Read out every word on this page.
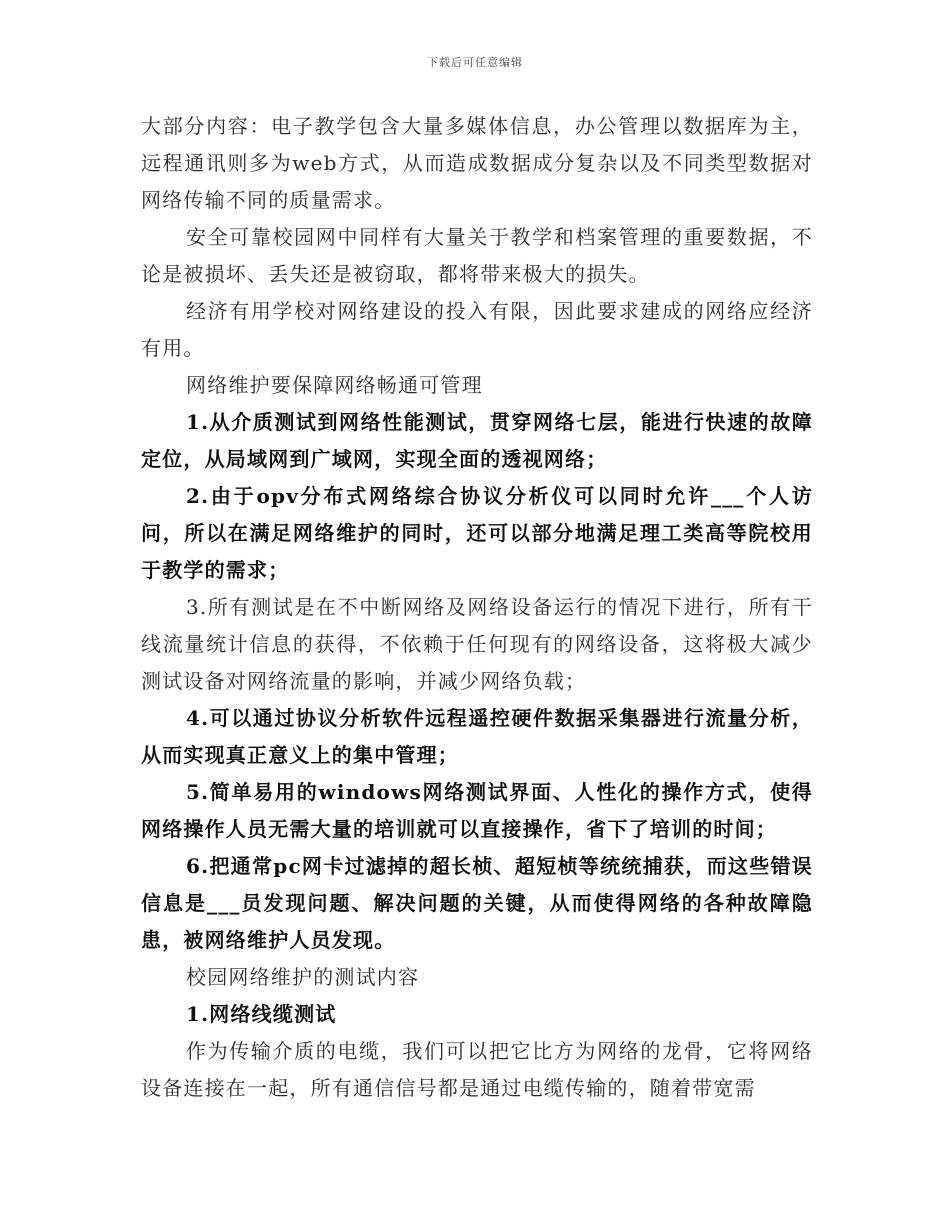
下载后可任意编辑

大部分内容：电子教学包含大量多媒体信息，办公管理以数据库为主，远程通讯则多为web方式，从而造成数据成分复杂以及不同类型数据对网络传输不同的质量需求。

安全可靠校园网中同样有大量关于教学和档案管理的重要数据，不论是被损坏、丢失还是被窃取，都将带来极大的损失。

经济有用学校对网络建设的投入有限，因此要求建成的网络应经济有用。

网络维护要保障网络畅通可管理

1.从介质测试到网络性能测试，贯穿网络七层，能进行快速的故障定位，从局域网到广域网，实现全面的透视网络；

2.由于opv分布式网络综合协议分析仪可以同时允许___个人访问，所以在满足网络维护的同时，还可以部分地满足理工类高等院校用于教学的需求；

3.所有测试是在不中断网络及网络设备运行的情况下进行，所有干线流量统计信息的获得，不依赖于任何现有的网络设备，这将极大减少测试设备对网络流量的影响，并减少网络负载；

4.可以通过协议分析软件远程遥控硬件数据采集器进行流量分析，从而实现真正意义上的集中管理；

5.简单易用的windows网络测试界面、人性化的操作方式，使得网络操作人员无需大量的培训就可以直接操作，省下了培训的时间；

6.把通常pc网卡过滤掉的超长桢、超短桢等统统捕获，而这些错误信息是___员发现问题、解决问题的关键，从而使得网络的各种故障隐患，被网络维护人员发现。

校园网络维护的测试内容

1.网络线缆测试

作为传输介质的电缆，我们可以把它比方为网络的龙骨，它将网络设备连接在一起，所有通信信号都是通过电缆传输的，随着带宽需
